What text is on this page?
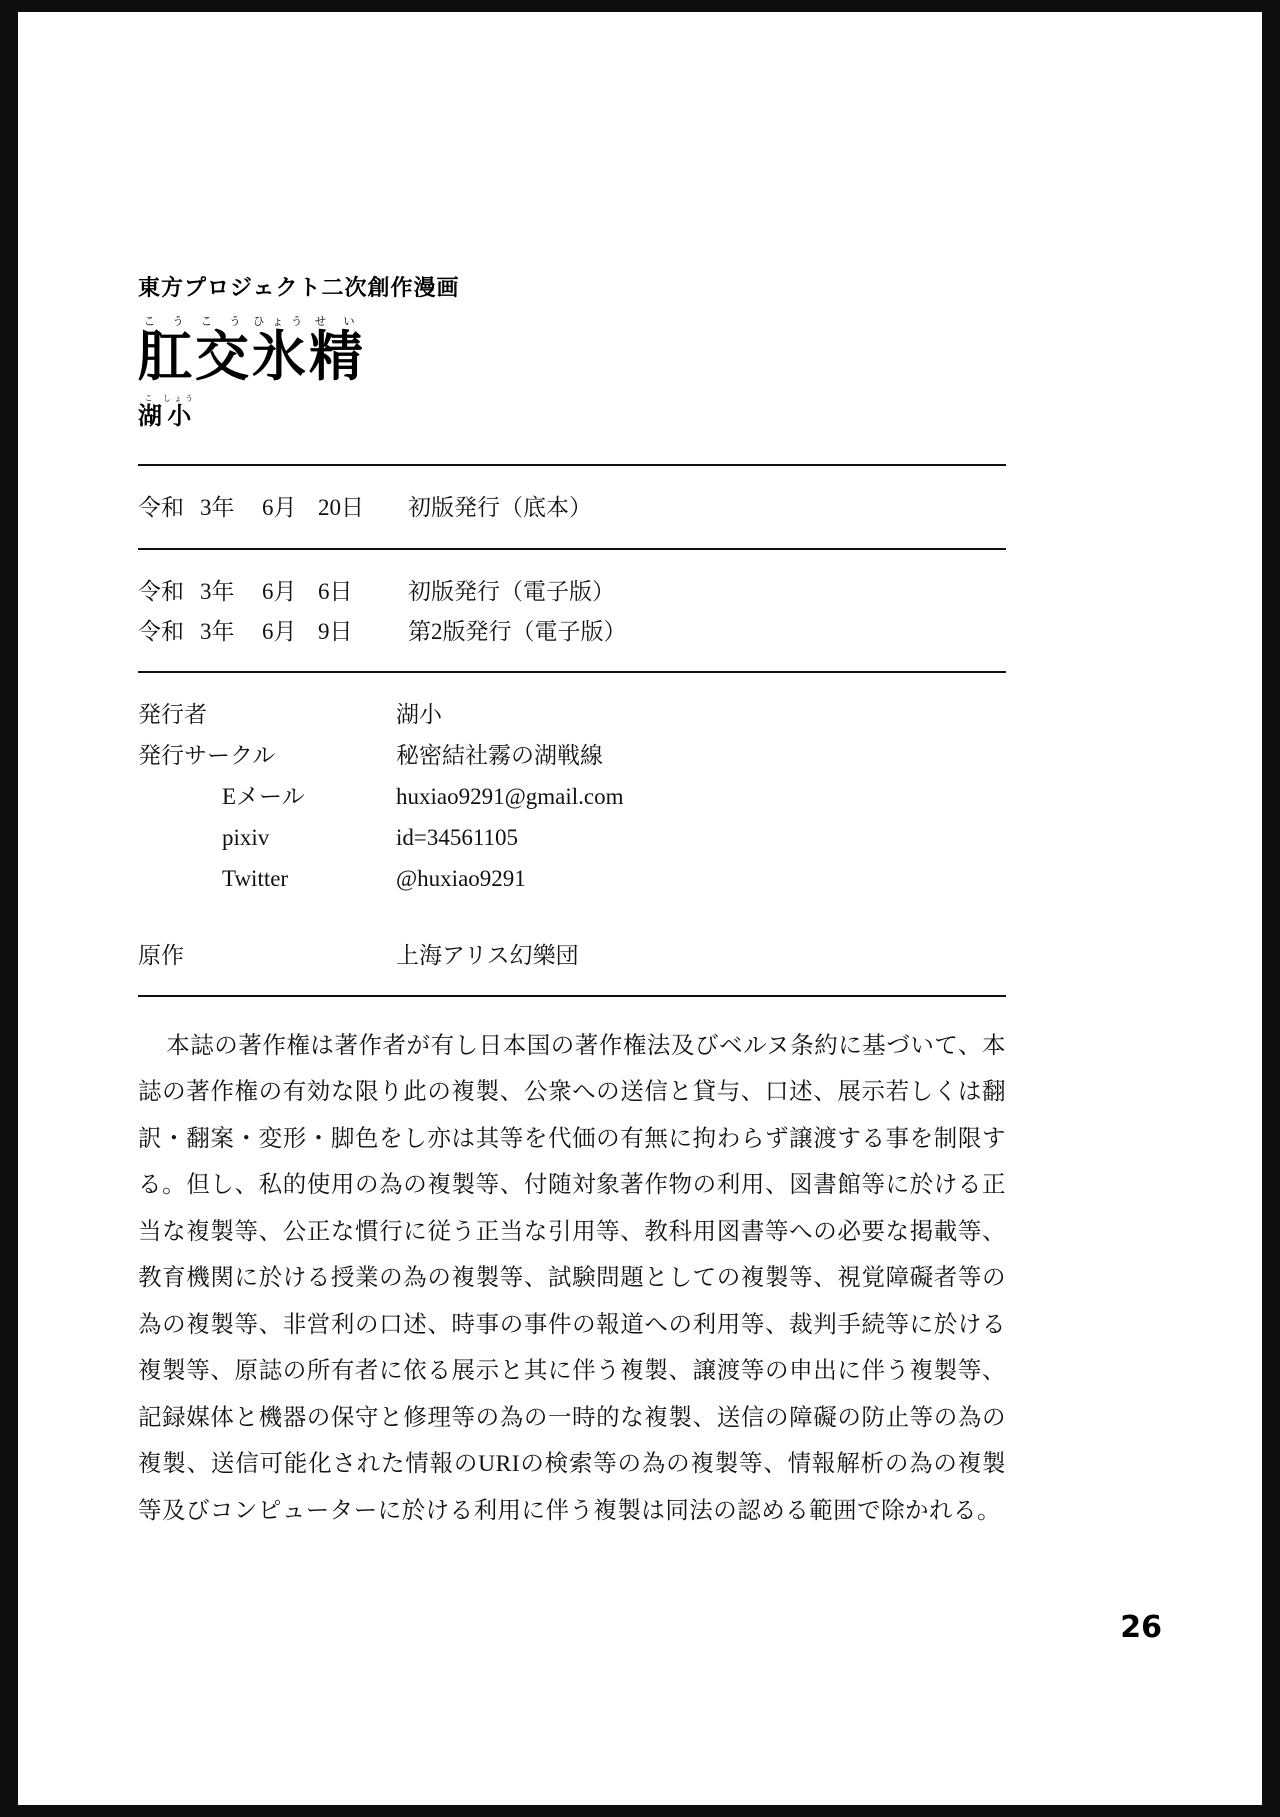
東方プロジェクト二次創作漫画
肛こう交こう氷ひょう精せい
湖こ小しょう
令和 3年	6月 20日	初版発行（底本）
令和 3年	6月 6日	初版発行（電子版）
令和 3年	6月 9日	第2版発行（電子版）
発行者	湖小
発行サークル	秘密結社霧の湖戦線
Eメール	huxiao9291@gmail.com
pixiv	id=34561105
Twitter	@huxiao9291
原作	上海アリス幻樂団

本誌の著作権は著作者が有し日本国の著作権法及びベルヌ条約に基づいて、本誌の著作権の有効な限り此の複製、公衆への送信と貸与、口述、展示若しくは翻訳・翻案・変形・脚色をし亦は其等を代価の有無に拘わらず譲渡する事を制限する。但し、私的使用の為の複製等、付随対象著作物の利用、図書館等に於ける正当な複製等、公正な慣行に従う正当な引用等、教科用図書等への必要な掲載等、教育機関に於ける授業の為の複製等、試験問題としての複製等、視覚障礙者等の為の複製等、非営利の口述、時事の事件の報道への利用等、裁判手続等に於ける複製等、原誌の所有者に依る展示と其に伴う複製、譲渡等の申出に伴う複製等、記録媒体と機器の保守と修理等の為の一時的な複製、送信の障礙の防止等の為の複製、送信可能化された情報のURIの検索等の為の複製等、情報解析の為の複製等及びコンピューターに於ける利用に伴う複製は同法の認める範囲で除かれる。

26
